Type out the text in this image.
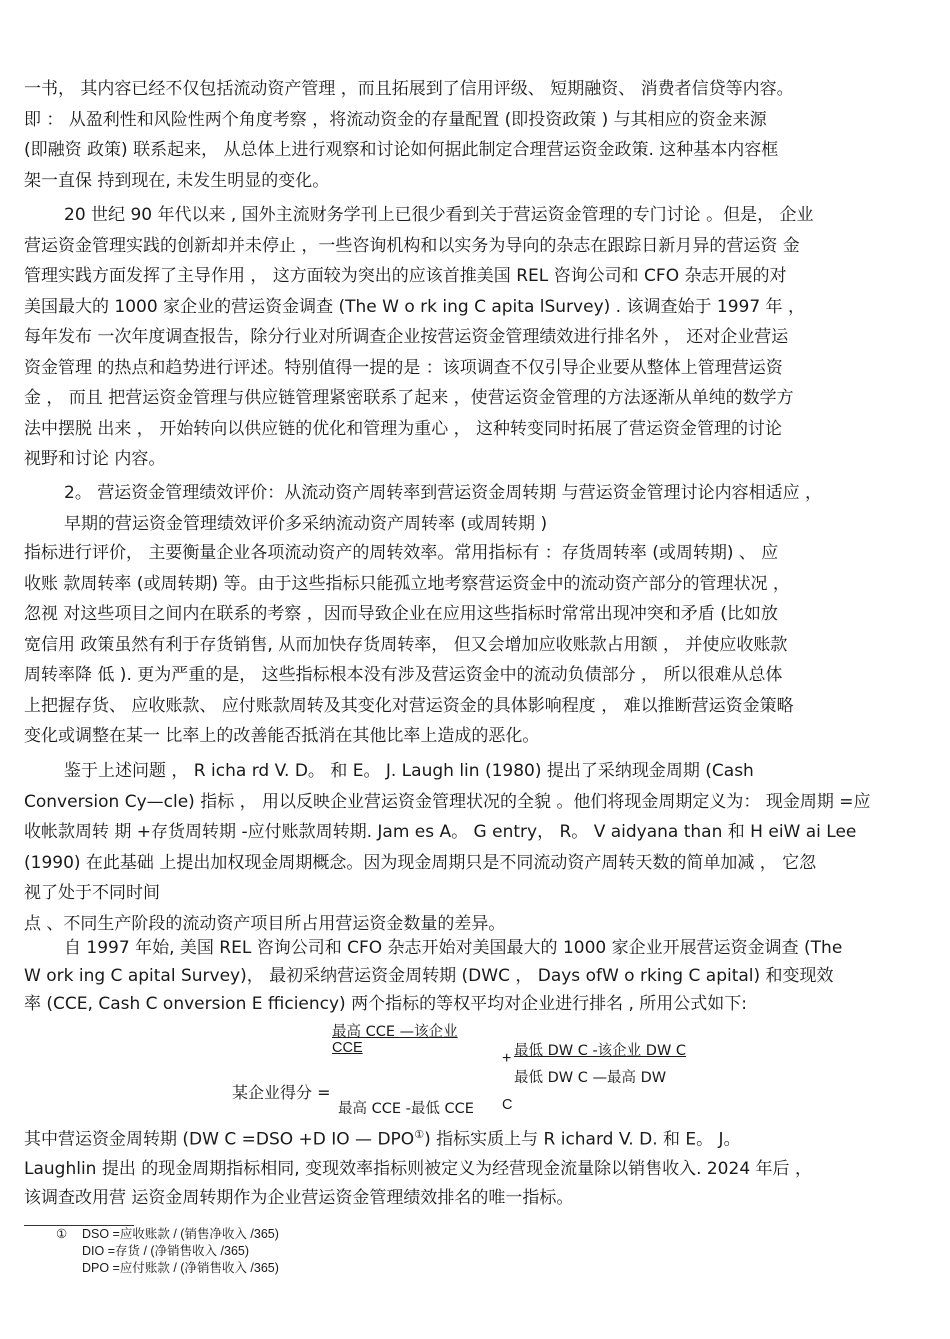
一书， 其内容已经不仅包括流动资产管理 ，而且拓展到了信用评级、 短期融资、 消费者信贷等内容。
即 ： 从盈利性和风险性两个角度考察 ，将流动资金的存量配置 (即投资政策 ) 与其相应的资金来源
(即融资 政策) 联系起来， 从总体上进行观察和讨论如何据此制定合理营运资金政策. 这种基本内容框
架一直保 持到现在, 未发生明显的变化。
20 世纪 90 年代以来 , 国外主流财务学刊上已很少看到关于营运资金管理的专门讨论 。但是， 企业
营运资金管理实践的创新却并未停止 ，一些咨询机构和以实务为导向的杂志在跟踪日新月异的营运资 金
管理实践方面发挥了主导作用 ， 这方面较为突出的应该首推美国 REL 咨询公司和 CFO 杂志开展的对
美国最大的 1000 家企业的营运资金调查 (The W o rk ing C apita lSurvey) . 该调查始于 1997 年 ，
每年发布 一次年度调查报告，除分行业对所调查企业按营运资金管理绩效进行排名外 ， 还对企业营运
资金管理 的热点和趋势进行评述。特别值得一提的是 ：该项调查不仅引导企业要从整体上管理营运资
金 ， 而且 把营运资金管理与供应链管理紧密联系了起来 ，使营运资金管理的方法逐渐从单纯的数学方
法中摆脱 出来 ， 开始转向以供应链的优化和管理为重心 ， 这种转变同时拓展了营运资金管理的讨论
视野和讨论 内容。
2。 营运资金管理绩效评价：从流动资产周转率到营运资金周转期 与营运资金管理讨论内容相适应 ，
早期的营运资金管理绩效评价多采纳流动资产周转率 (或周转期 )
指标进行评价， 主要衡量企业各项流动资产的周转效率。常用指标有 ：存货周转率 (或周转期) 、 应
收账 款周转率 (或周转期) 等。由于这些指标只能孤立地考察营运资金中的流动资产部分的管理状况 ，
忽视 对这些项目之间内在联系的考察 ，因而导致企业在应用这些指标时常常出现冲突和矛盾 (比如放
宽信用 政策虽然有利于存货销售, 从而加快存货周转率， 但又会增加应收账款占用额 ， 并使应收账款
周转率降 低 ). 更为严重的是， 这些指标根本没有涉及营运资金中的流动负债部分 ， 所以很难从总体
上把握存货、 应收账款、 应付账款周转及其变化对营运资金的具体影响程度 ， 难以推断营运资金策略
变化或调整在某一 比率上的改善能否抵消在其他比率上造成的恶化。
鉴于上述问题 ， R icha rd V. D。 和 E。 J. Laugh lin (1980) 提出了采纳现金周期 (Cash
Conversion Cy—cle) 指标 ， 用以反映企业营运资金管理状况的全貌 。他们将现金周期定义为： 现金周期 =应
收帐款周转 期 +存货周转期 -应付账款周转期. Jam es A。 G entry， R。 V aidyana than 和 H eiW ai Lee
(1990) 在此基础 上提出加权现金周期概念。因为现金周期只是不同流动资产周转天数的简单加减 ， 它忽
视了处于不同时间
点 、不同生产阶段的流动资产项目所占用营运资金数量的差异。
自 1997 年始, 美国 REL 咨询公司和 CFO 杂志开始对美国最大的 1000 家企业开展营运资金调查 (The
W ork ing C apital Survey)， 最初采纳营运资金周转期 (DWC ， Days ofW o rking C apital) 和变现效
率 (CCE, Cash C onversion E fficiency) 两个指标的等权平均对企业进行排名 , 所用公式如下:
最高 CCE —该企业
CCE
+ 最低 DW C -该企业 DW C
最低 DW C —最高 DW
某企业得分 =
最高 CCE -最低 CCE C
其中营运资金周转期 (DW C =DSO +D IO — DPO①) 指标实质上与 R ichard V. D. 和 E。 J。
Laughlin 提出 的现金周期指标相同, 变现效率指标则被定义为经营现金流量除以销售收入. 2024 年后 ，
该调查改用营 运资金周转期作为企业营运资金管理绩效排名的唯一指标。
① DSO =应收账款 / (销售净收入 /365)
DIO =存货 / (净销售收入 /365)
DPO =应付账款 / (净销售收入 /365)
